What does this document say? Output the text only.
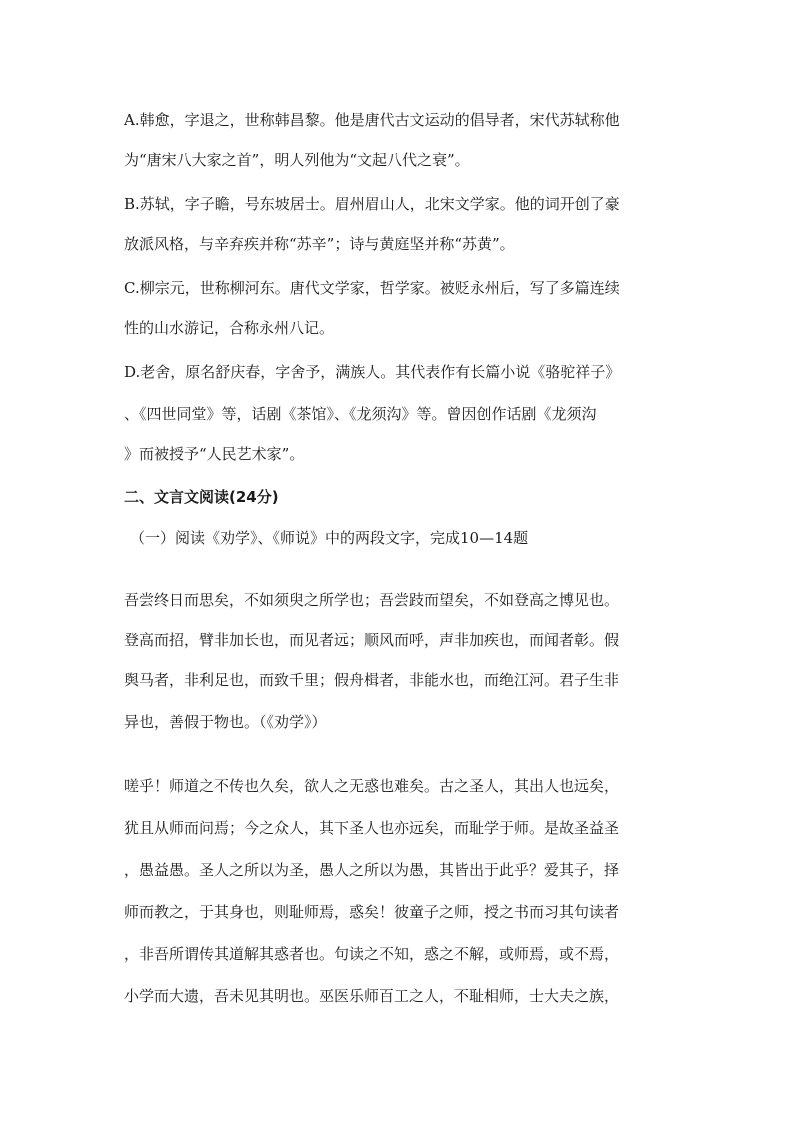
A.韩愈，字退之，世称韩昌黎。他是唐代古文运动的倡导者，宋代苏轼称他
为“唐宋八大家之首”，明人列他为“文起八代之衰”。
B.苏轼，字子瞻，号东坡居士。眉州眉山人，北宋文学家。他的词开创了豪
放派风格，与辛弃疾并称“苏辛”；诗与黄庭坚并称“苏黄”。
C.柳宗元，世称柳河东。唐代文学家，哲学家。被贬永州后，写了多篇连续
性的山水游记，合称永州八记。
D.老舍，原名舒庆春，字舍予，满族人。其代表作有长篇小说《骆驼祥子》
、《四世同堂》等，话剧《茶馆》、《龙须沟》等。曾因创作话剧《龙须沟
》而被授予“人民艺术家”。
二、文言文阅读(24分)
（一）阅读《劝学》、《师说》中的两段文字，完成10—14题
吾尝终日而思矣，不如须臾之所学也；吾尝跂而望矣，不如登高之博见也。
登高而招，臂非加长也，而见者远；顺风而呼，声非加疾也，而闻者彰。假
舆马者，非利足也，而致千里；假舟楫者，非能水也，而绝江河。君子生非
异也，善假于物也。（《劝学》）
嗟乎！师道之不传也久矣，欲人之无惑也难矣。古之圣人，其出人也远矣，
犹且从师而问焉；今之众人，其下圣人也亦远矣，而耻学于师。是故圣益圣
，愚益愚。圣人之所以为圣，愚人之所以为愚，其皆出于此乎？爱其子，择
师而教之，于其身也，则耻师焉，惑矣！彼童子之师，授之书而习其句读者
，非吾所谓传其道解其惑者也。句读之不知，惑之不解，或师焉，或不焉，
小学而大遗，吾未见其明也。巫医乐师百工之人，不耻相师，士大夫之族，
